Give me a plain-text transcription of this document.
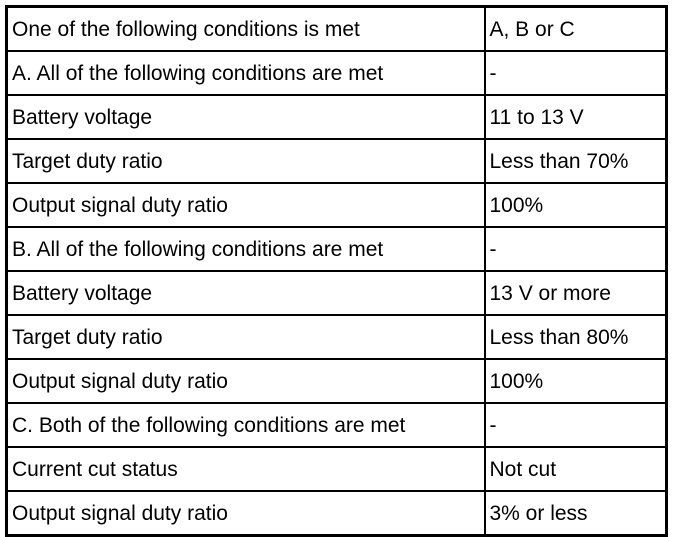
One of the following conditions is met	A, B or C
A. All of the following conditions are met	-
Battery voltage	11 to 13 V
Target duty ratio	Less than 70%
Output signal duty ratio	100%
B. All of the following conditions are met	-
Battery voltage	13 V or more
Target duty ratio	Less than 80%
Output signal duty ratio	100%
C. Both of the following conditions are met	-
Current cut status	Not cut
Output signal duty ratio	3% or less
